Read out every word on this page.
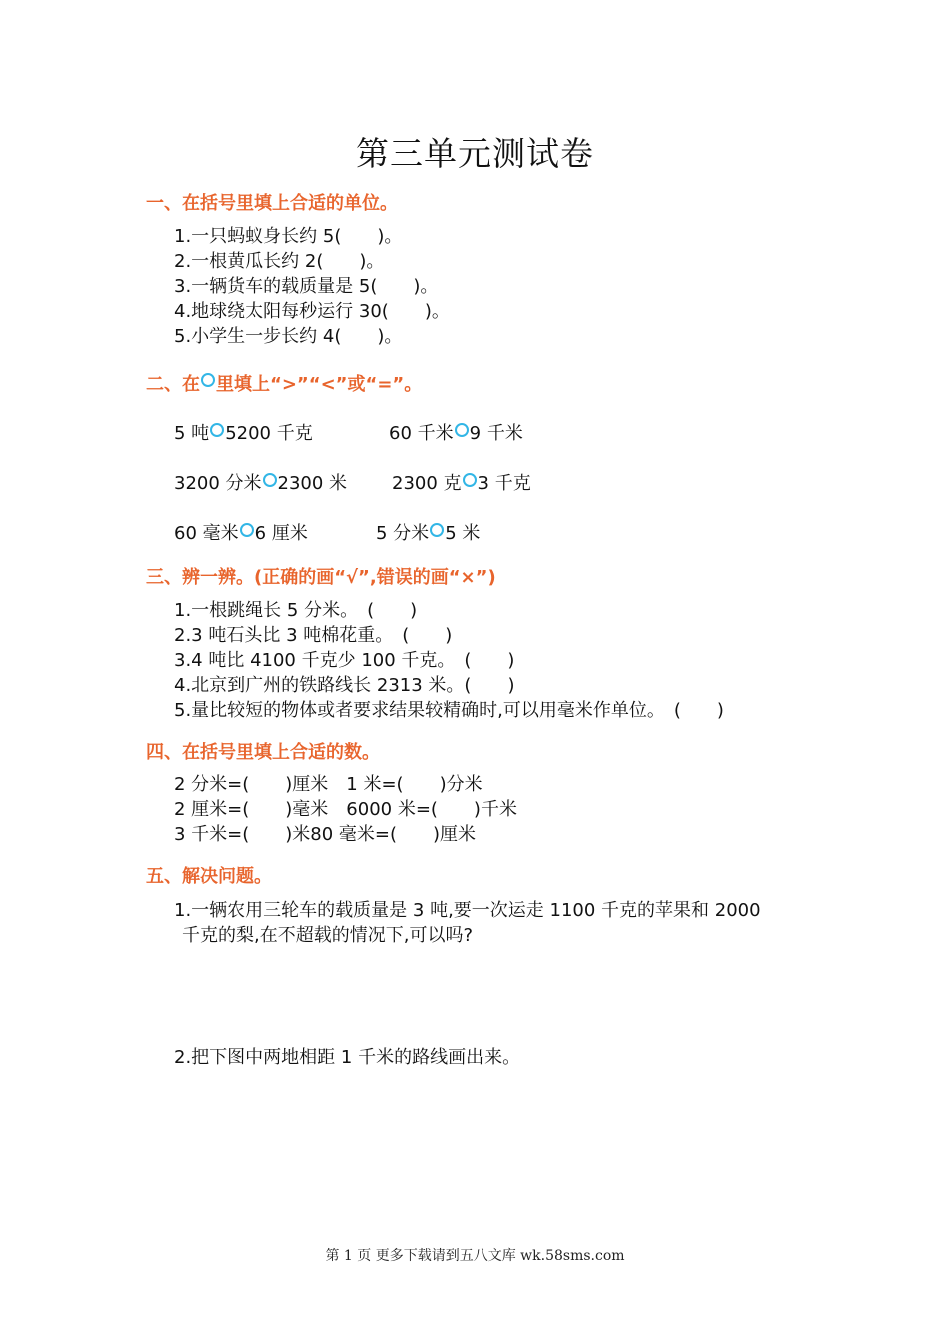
第三单元测试卷
一、在括号里填上合适的单位。
1.一只蚂蚁身长约 5(　　)。
2.一根黄瓜长约 2(　　)。
3.一辆货车的载质量是 5(　　)。
4.地球绕太阳每秒运行 30(　　)。
5.小学生一步长约 4(　　)。
二、在 里填上“>”“<”或“=”。
5 吨 5200 千克	60 千米 9 千米
3200 分米 2300 米 2300 克 3 千克
60 毫米 6 厘米	5 分米 5 米
三、辨一辨。(正确的画“√”,错误的画“×”)
1.一根跳绳长 5 分米。　(　　)
2.3 吨石头比 3 吨棉花重。　(　　)
3.4 吨比 4100 千克少 100 千克。　(　　)
4.北京到广州的铁路线长 2313 米。(　　)
5.量比较短的物体或者要求结果较精确时,可以用毫米作单位。　(　　)
四、在括号里填上合适的数。
2 分米=(　　)厘米　1 米=(　　)分米
2 厘米=(　　)毫米　6000 米=(　　)千米
3 千米=(　　)米80 毫米=(　　)厘米
五、解决问题。
1.一辆农用三轮车的载质量是 3 吨,要一次运走 1100 千克的苹果和 2000
千克的梨,在不超载的情况下,可以吗?
2.把下图中两地相距 1 千米的路线画出来。
第 1 页 更多下载请到五八文库 wk.58sms.com
